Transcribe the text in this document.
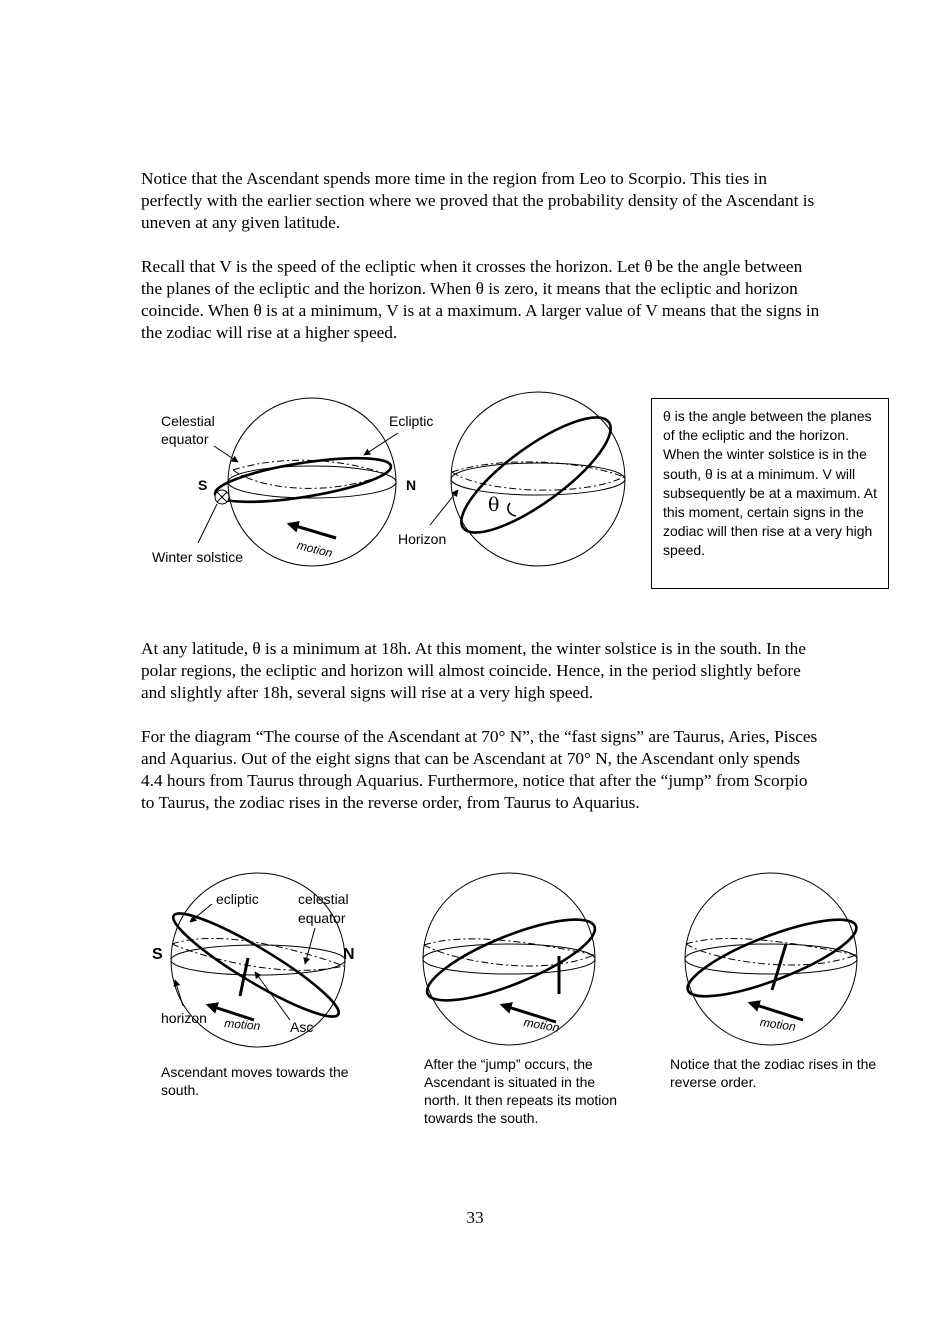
Notice that the Ascendant spends more time in the region from Leo to Scorpio. This ties in perfectly with the earlier section where we proved that the probability density of the Ascendant is uneven at any given latitude.

Recall that V is the speed of the ecliptic when it crosses the horizon. Let θ be the angle between the planes of the ecliptic and the horizon. When θ is zero, it means that the ecliptic and horizon coincide. When θ is at a minimum, V is at a maximum. A larger value of V means that the signs in the zodiac will rise at a higher speed.

Celestial
equator
Ecliptic
S	N
Winter solstice	motion	Horizon
θ
θ is the angle between the planes of the ecliptic and the horizon. When the winter solstice is in the south, θ is at a minimum. V will subsequently be at a maximum. At this moment, certain signs in the zodiac will then rise at a very high speed.

At any latitude, θ is a minimum at 18h. At this moment, the winter solstice is in the south. In the polar regions, the ecliptic and horizon will almost coincide. Hence, in the period slightly before and slightly after 18h, several signs will rise at a very high speed.

For the diagram “The course of the Ascendant at 70° N”, the “fast signs” are Taurus, Aries, Pisces and Aquarius. Out of the eight signs that can be Ascendant at 70° N, the Ascendant only spends 4.4 hours from Taurus through Aquarius. Furthermore, notice that after the “jump” from Scorpio to Taurus, the zodiac rises in the reverse order, from Taurus to Aquarius.

ecliptic	celestial
equator
S	N
horizon motion Asc	motion	motion
Ascendant moves towards the south.
After the “jump” occurs, the Ascendant is situated in the north. It then repeats its motion towards the south.
Notice that the zodiac rises in the reverse order.
33
